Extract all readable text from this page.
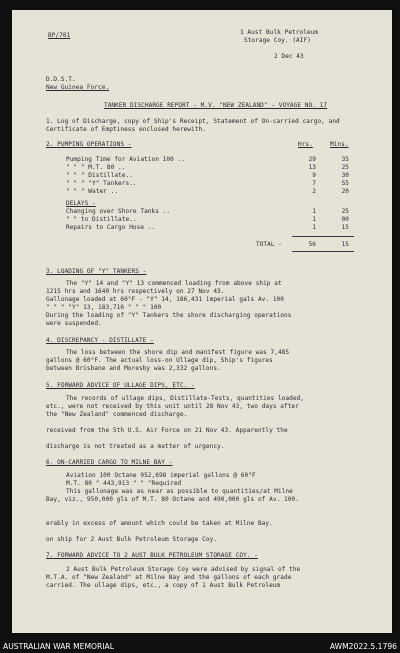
BP/701	1 Aust Bulk Petroleum
Storage Coy. (AIF)
2 Dec 43
D.D.S.T.
New Guinea Force.
TANKER DISCHARGE REPORT - M.V. "NEW ZEALAND" - VOYAGE NO. 17
1. Log of Discharge, copy of Ship's Receipt, Statement of On-carried cargo, and Certificate of Emptiness enclosed herewith.
2. PUMPING OPERATIONS -	Hrs.	Mins.
Pumping Time for Aviation 100 ..	29	35
" " " M.T. 80 ..	13	25
" " " Distillate..	9	30
" " " "Y" Tankers..	7	55
" " " Water ..	2	20
DELAYS -
Changing over Shore Tanks ..	1	25
" " to Distillate..	1	00
Repairs to Cargo Hose ..	1	15
TOTAL -	56	15
3. LOADING OF "Y" TANKERS -
The "Y" 14 and "Y" 13 commenced loading from above ship at
1215 hrs and 1640 hrs respectively on 27 Nov 43.
Gallonage loaded at 60°F - "Y" 14, 186,431 imperial gals Av. 100
" " " "Y" 13, 183,716 " " " 100
During the loading of "Y" Tankers the shore discharging operations
were suspended.
4. DISCREPANCY - DISTILLATE -
The loss between the shore dip and manifest figure was 7,485
gallons @ 60°F. The actual loss-on Ullage dip, Ship's figures
between Brisbane and Moresby was 2,332 gallons.
5. FORWARD ADVICE OF ULLAGE DIPS, ETC. -
The records of ullage dips, Distillate-Tests, quantities loaded,
etc., were not received by this unit until 28 Nov 43, two days after
the "New Zealand" commenced discharge.
received from the 5th U.S. Air Force on 21 Nov 43. Apparently the
discharge is not treated as a matter of urgency.
6. ON-CARRIED CARGO TO MILNE BAY -
Aviation 100 Octane 952,698 imperial gallons @ 60°F
M.T. 80 " 443,913 " " "Required
This gallonage was as near as possible to quantities/at Milne
Bay, viz., 950,000 gls of M.T. 80 Octane and 490,000 gls of Av. 100.
erably in excess of amount which could be taken at Milne Bay.
on ship for 2 Aust Bulk Petroleum Storage Coy.
7. FORWARD ADVICE TO 2 AUST BULK PETROLEUM STORAGE COY. -
2 Aust Bulk Petroleum Storage Coy were advised by signal of the
M.T.A. of "New Zealand" at Milne Bay and the gallons of each grade
carried. The ullage dips, etc., a copy of 1 Aust Bulk Petroleum
AUSTRALIAN WAR MEMORIAL	AWM2022.5.1796
